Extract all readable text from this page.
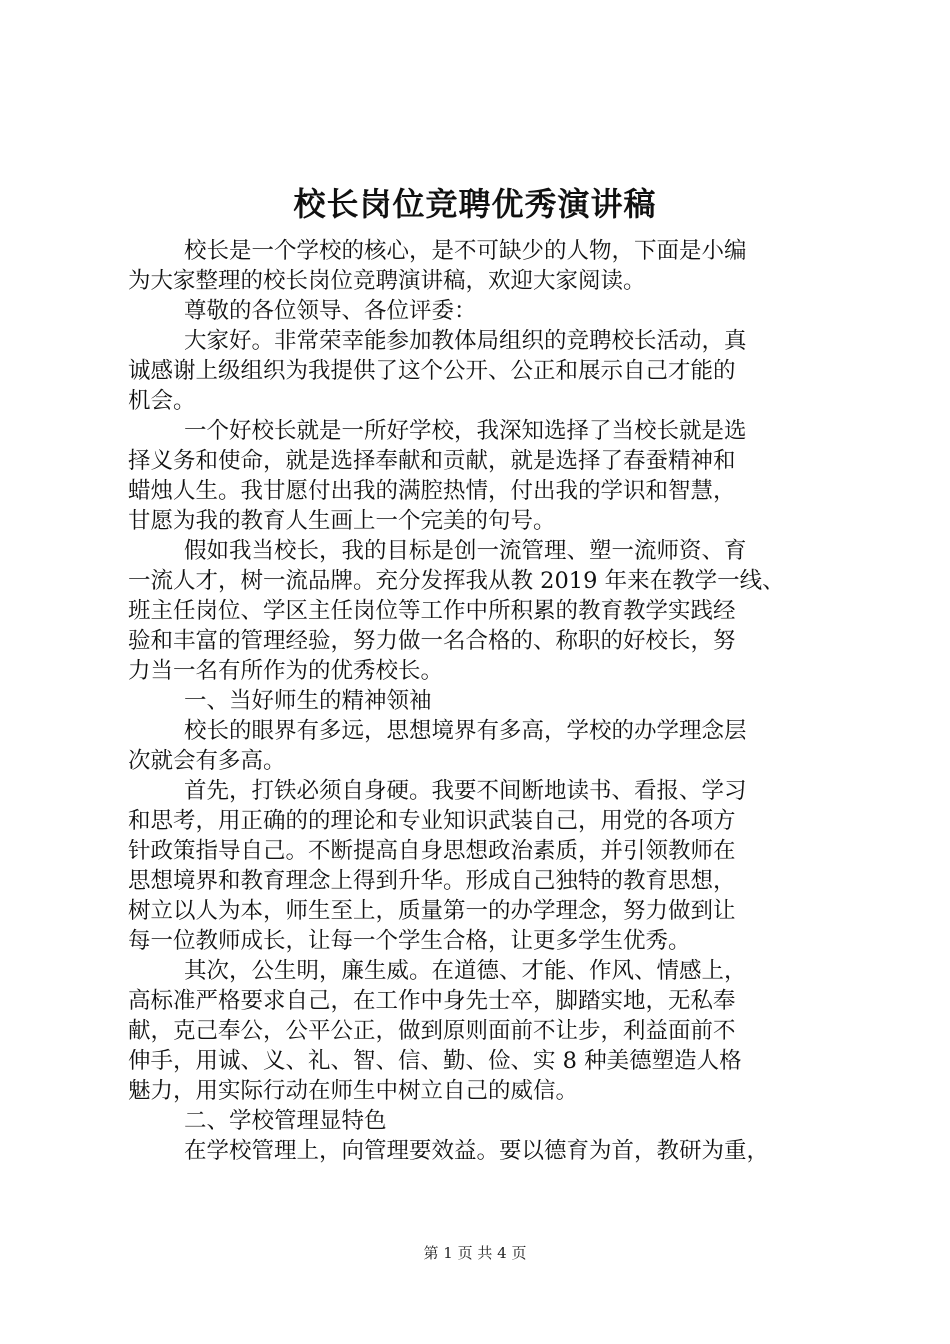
校长岗位竞聘优秀演讲稿
校长是一个学校的核心，是不可缺少的人物，下面是小编
为大家整理的校长岗位竞聘演讲稿，欢迎大家阅读。
尊敬的各位领导、各位评委：
大家好。非常荣幸能参加教体局组织的竞聘校长活动，真
诚感谢上级组织为我提供了这个公开、公正和展示自己才能的
机会。
一个好校长就是一所好学校，我深知选择了当校长就是选
择义务和使命，就是选择奉献和贡献，就是选择了春蚕精神和
蜡烛人生。我甘愿付出我的满腔热情，付出我的学识和智慧，
甘愿为我的教育人生画上一个完美的句号。
假如我当校长，我的目标是创一流管理、塑一流师资、育
一流人才，树一流品牌。充分发挥我从教 2019 年来在教学一线、
班主任岗位、学区主任岗位等工作中所积累的教育教学实践经
验和丰富的管理经验，努力做一名合格的、称职的好校长，努
力当一名有所作为的优秀校长。
一、当好师生的精神领袖
校长的眼界有多远，思想境界有多高，学校的办学理念层
次就会有多高。
首先，打铁必须自身硬。我要不间断地读书、看报、学习
和思考，用正确的的理论和专业知识武装自己，用党的各项方
针政策指导自己。不断提高自身思想政治素质，并引领教师在
思想境界和教育理念上得到升华。形成自己独特的教育思想，
树立以人为本，师生至上，质量第一的办学理念，努力做到让
每一位教师成长，让每一个学生合格，让更多学生优秀。
其次，公生明，廉生威。在道德、才能、作风、情感上，
高标准严格要求自己，在工作中身先士卒，脚踏实地，无私奉
献，克己奉公，公平公正，做到原则面前不让步，利益面前不
伸手，用诚、义、礼、智、信、勤、俭、实 8 种美德塑造人格
魅力，用实际行动在师生中树立自己的威信。
二、学校管理显特色
在学校管理上，向管理要效益。要以德育为首，教研为重，
第 1 页 共 4 页
